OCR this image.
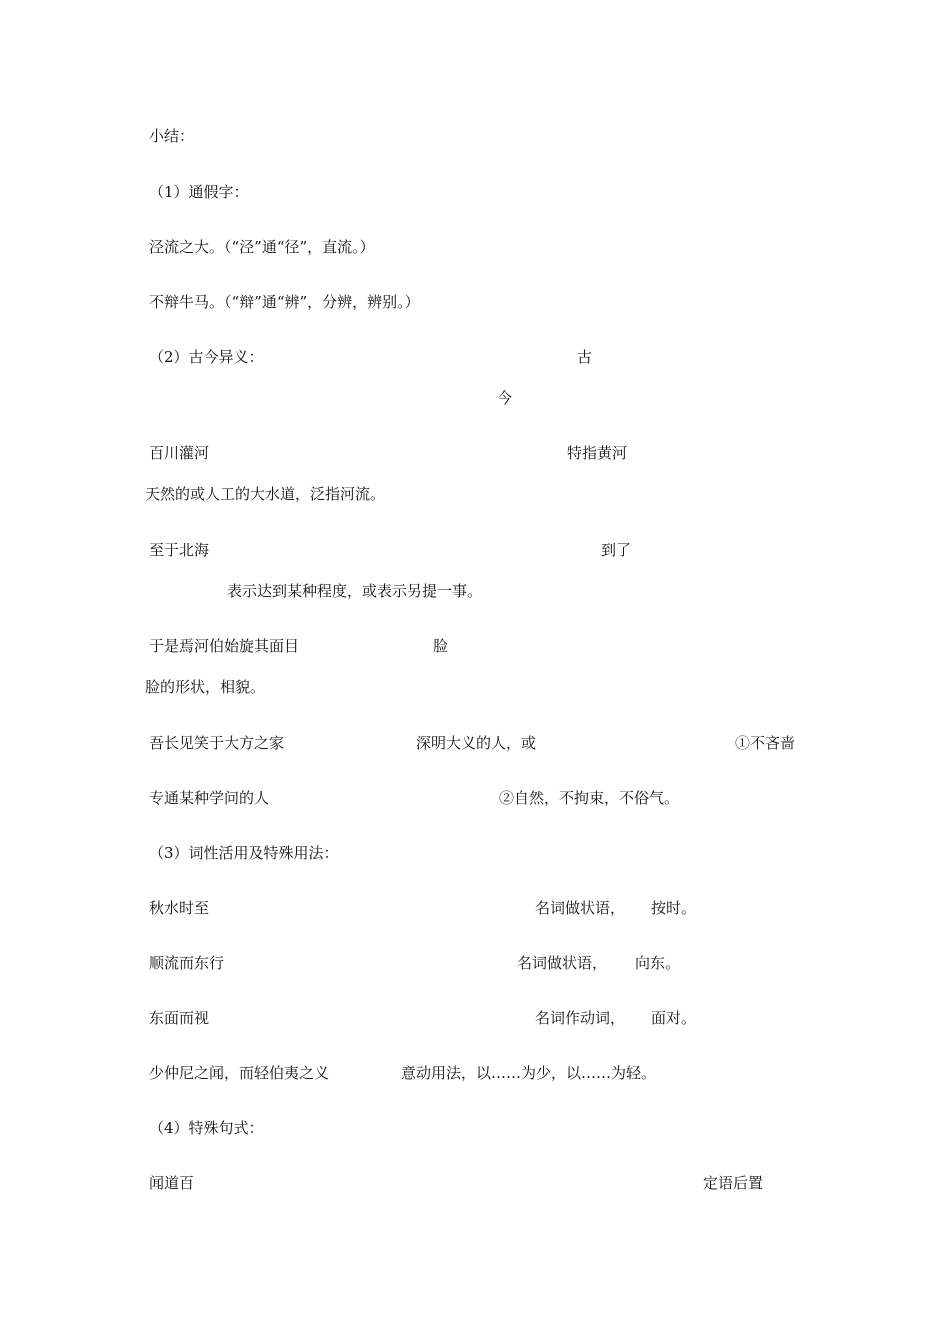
小结：
（1）通假字：
泾流之大。（“泾”通“径”，直流。）
不辩牛马。（“辩”通“辨”，分辨，辨别。）
（2）古今异义：	古
今
百川灌河	特指黄河
天然的或人工的大水道，泛指河流。
至于北海	到了
表示达到某种程度，或表示另提一事。
于是焉河伯始旋其面目	脸
脸的形状，相貌。
吾长见笑于大方之家	深明大义的人，或	①不吝啬
专通某种学问的人	②自然，不拘束，不俗气。
（3）词性活用及特殊用法：
秋水时至	名词做状语， 按时。
顺流而东行	名词做状语， 向东。
东面而视	名词作动词， 面对。
少仲尼之闻，而轻伯夷之义	意动用法，以……为少，以……为轻。
（4）特殊句式：
闻道百	定语后置
